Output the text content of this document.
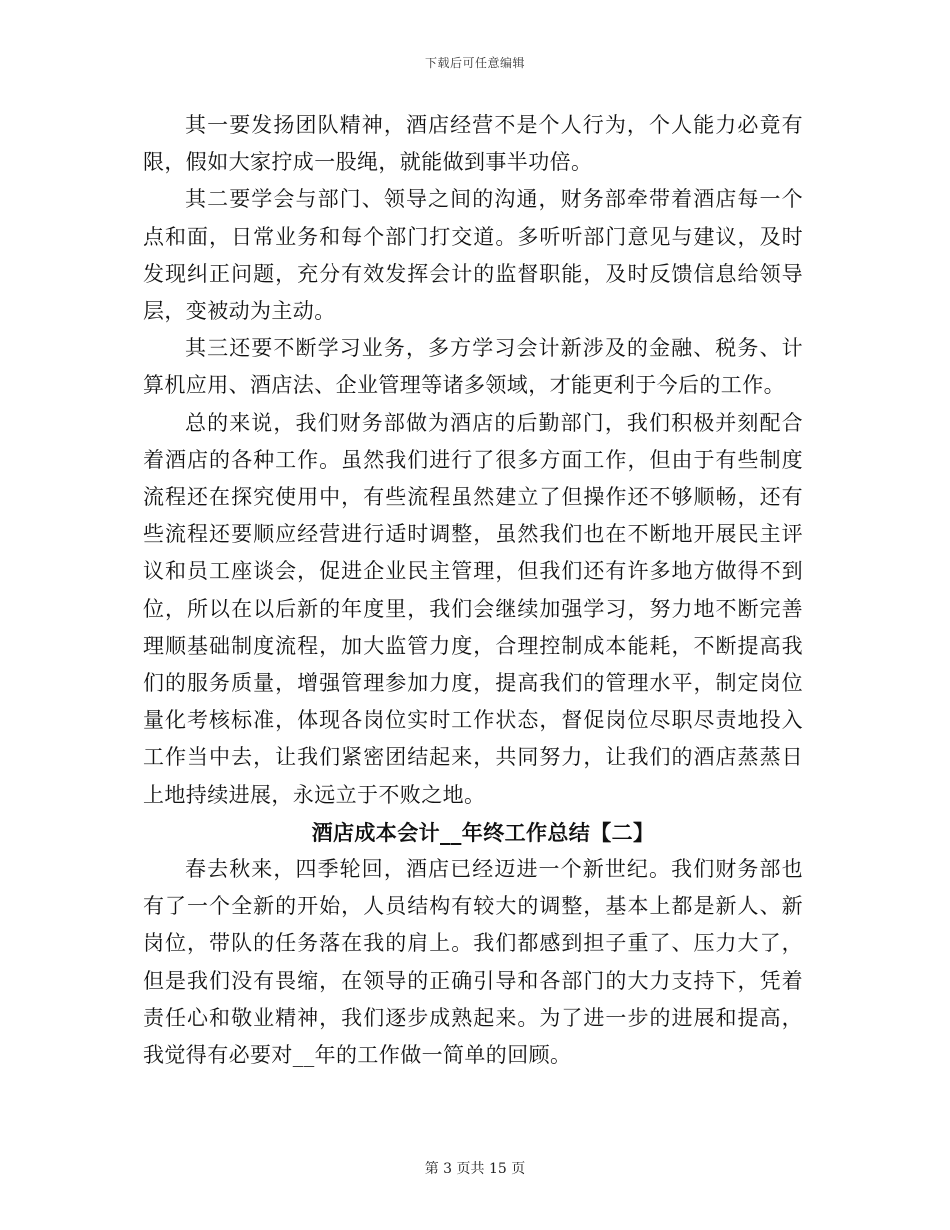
下载后可任意编辑

其一要发扬团队精神，酒店经营不是个人行为，个人能力必竟有限，假如大家拧成一股绳，就能做到事半功倍。

其二要学会与部门、领导之间的沟通，财务部牵带着酒店每一个点和面，日常业务和每个部门打交道。多听听部门意见与建议，及时发现纠正问题，充分有效发挥会计的监督职能，及时反馈信息给领导层，变被动为主动。

其三还要不断学习业务，多方学习会计新涉及的金融、税务、计算机应用、酒店法、企业管理等诸多领域，才能更利于今后的工作。

总的来说，我们财务部做为酒店的后勤部门，我们积极并刻配合着酒店的各种工作。虽然我们进行了很多方面工作，但由于有些制度流程还在探究使用中，有些流程虽然建立了但操作还不够顺畅，还有些流程还要顺应经营进行适时调整，虽然我们也在不断地开展民主评议和员工座谈会，促进企业民主管理，但我们还有许多地方做得不到位，所以在以后新的年度里，我们会继续加强学习，努力地不断完善理顺基础制度流程，加大监管力度，合理控制成本能耗，不断提高我们的服务质量，增强管理参加力度，提高我们的管理水平，制定岗位量化考核标准，体现各岗位实时工作状态，督促岗位尽职尽责地投入工作当中去，让我们紧密团结起来，共同努力，让我们的酒店蒸蒸日上地持续进展，永远立于不败之地。

酒店成本会计__年终工作总结【二】

春去秋来，四季轮回，酒店已经迈进一个新世纪。我们财务部也有了一个全新的开始，人员结构有较大的调整，基本上都是新人、新岗位，带队的任务落在我的肩上。我们都感到担子重了、压力大了，但是我们没有畏缩，在领导的正确引导和各部门的大力支持下，凭着责任心和敬业精神，我们逐步成熟起来。为了进一步的进展和提高，我觉得有必要对__年的工作做一简单的回顾。

第 3 页共 15 页
